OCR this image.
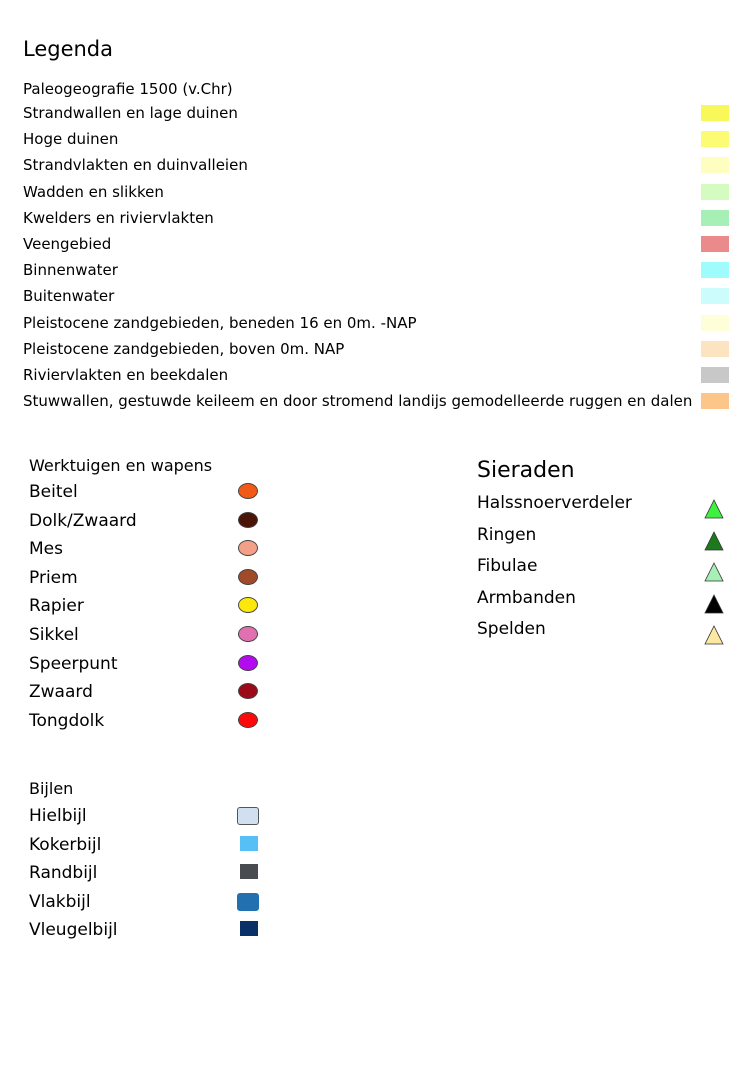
Legenda
Paleogeografie 1500 (v.Chr)
Strandwallen en lage duinen
Hoge duinen
Strandvlakten en duinvalleien
Wadden en slikken
Kwelders en riviervlakten
Veengebied
Binnenwater
Buitenwater
Pleistocene zandgebieden, beneden 16 en 0m. -NAP
Pleistocene zandgebieden, boven 0m. NAP
Riviervlakten en beekdalen
Stuwwallen, gestuwde keileem en door stromend landijs gemodelleerde ruggen en dalen
Werktuigen en wapens
Beitel
Dolk/Zwaard
Mes
Priem
Rapier
Sikkel
Speerpunt
Zwaard
Tongdolk
Bijlen
Hielbijl
Kokerbijl
Randbijl
Vlakbijl
Vleugelbijl
Sieraden
Halssnoerverdeler
Ringen
Fibulae
Armbanden
Spelden
